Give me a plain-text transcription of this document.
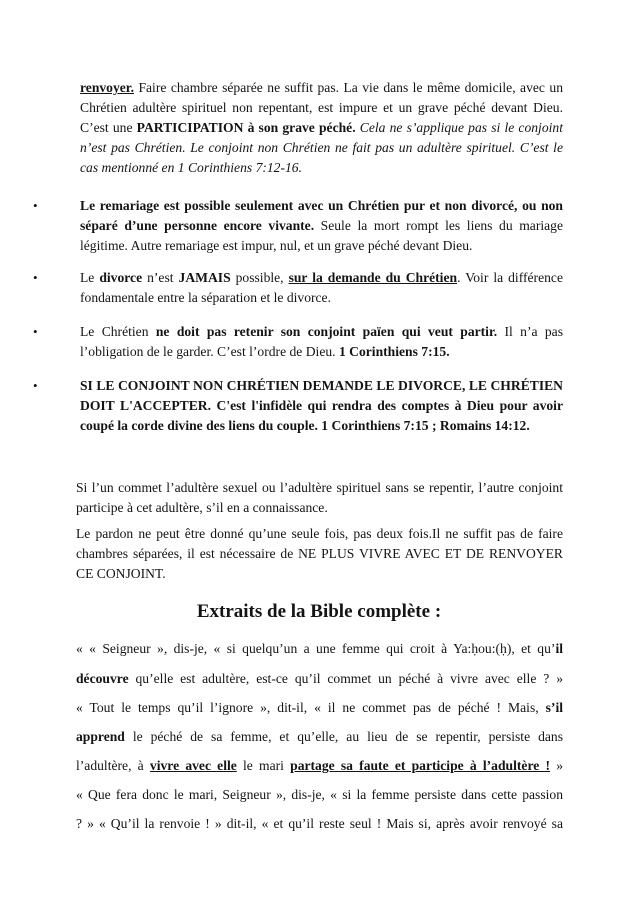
renvoyer. Faire chambre séparée ne suffit pas. La vie dans le même domicile, avec un Chrétien adultère spirituel non repentant, est impure et un grave péché devant Dieu. C’est une PARTICIPATION à son grave péché. Cela ne s’applique pas si le conjoint n’est pas Chrétien. Le conjoint non Chrétien ne fait pas un adultère spirituel. C’est le cas mentionné en 1 Corinthiens 7:12-16.
•	Le remariage est possible seulement avec un Chrétien pur et non divorcé, ou non séparé d’une personne encore vivante. Seule la mort rompt les liens du mariage légitime. Autre remariage est impur, nul, et un grave péché devant Dieu.
•	Le divorce n’est JAMAIS possible, sur la demande du Chrétien. Voir la différence fondamentale entre la séparation et le divorce.
•	Le Chrétien ne doit pas retenir son conjoint païen qui veut partir. Il n’a pas l’obligation de le garder. C’est l’ordre de Dieu. 1 Corinthiens 7:15.
•	SI LE CONJOINT NON CHRÉTIEN DEMANDE LE DIVORCE, LE CHRÉTIEN DOIT L'ACCEPTER. C'est l'infidèle qui rendra des comptes à Dieu pour avoir coupé la corde divine des liens du couple. 1 Corinthiens 7:15 ; Romains 14:12.
Si l’un commet l’adultère sexuel ou l’adultère spirituel sans se repentir, l’autre conjoint participe à cet adultère, s’il en a connaissance.
Le pardon ne peut être donné qu’une seule fois, pas deux fois.Il ne suffit pas de faire chambres séparées, il est nécessaire de NE PLUS VIVRE AVEC ET DE RENVOYER CE CONJOINT.
Extraits de la Bible complète :
« « Seigneur », dis-je, « si quelqu’un a une femme qui croit à Ya:ḥou:(ḥ), et qu’il
découvre qu’elle est adultère, est-ce qu’il commet un péché à vivre avec elle ? »
« Tout le temps qu’il l’ignore », dit-il, « il ne commet pas de péché ! Mais, s’il
apprend le péché de sa femme, et qu’elle, au lieu de se repentir, persiste dans
l’adultère, à vivre avec elle le mari partage sa faute et participe à l’adultère ! »
« Que fera donc le mari, Seigneur », dis-je, « si la femme persiste dans cette passion
? » « Qu’il la renvoie ! » dit-il, « et qu’il reste seul ! Mais si, après avoir renvoyé sa
